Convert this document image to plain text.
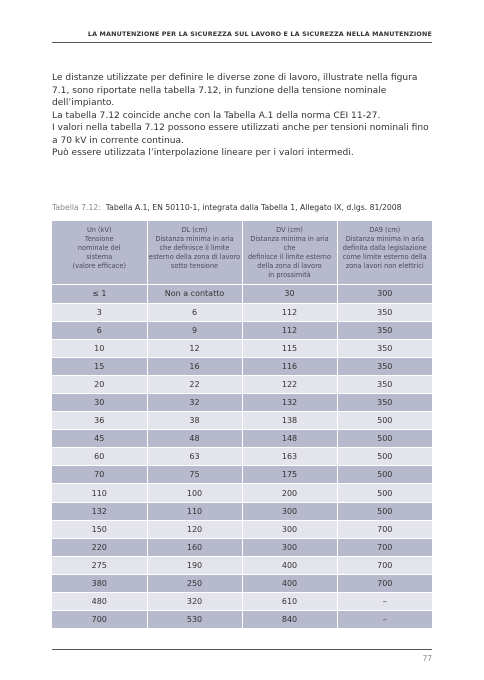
LA MANUTENZIONE PER LA SICUREZZA SUL LAVORO E LA SICUREZZA NELLA MANUTENZIONE

Le distanze utilizzate per definire le diverse zone di lavoro, illustrate nella figura 7.1, sono riportate nella tabella 7.12, in funzione della tensione nominale dell’impianto.

La tabella 7.12 coincide anche con la Tabella A.1 della norma CEI 11-27.

I valori nella tabella 7.12 possono essere utilizzati anche per tensioni nominali fino a 70 kV in corrente continua.

Può essere utilizzata l’interpolazione lineare per i valori intermedi.

Tabella 7.12: Tabella A.1, EN 50110-1, integrata dalla Tabella 1, Allegato IX, d.lgs. 81/2008
Un (kV)
Tensione
nominale del
sistema
(valore efficace)	DL (cm)
Distanza minima in aria
che definisce il limite
esterno della zona di lavoro
sotto tensione	DV (cm)
Distanza minima in aria che
definisce il limite esterno
della zona di lavoro
in prossimità	DA9 (cm)
Distanza minima in aria
definita dalla legislazione
come limite esterno della
zona lavori non elettrici

≤ 1	Non a contatto	30	300
3	6	112	350
6	9	112	350
10	12	115	350
15	16	116	350
20	22	122	350
30	32	132	350
36	38	138	500
45	48	148	500
60	63	163	500
70	75	175	500
110	100	200	500
132	110	300	500
150	120	300	700
220	160	300	700
275	190	400	700
380	250	400	700
480	320	610	–
700	530	840	–
77
